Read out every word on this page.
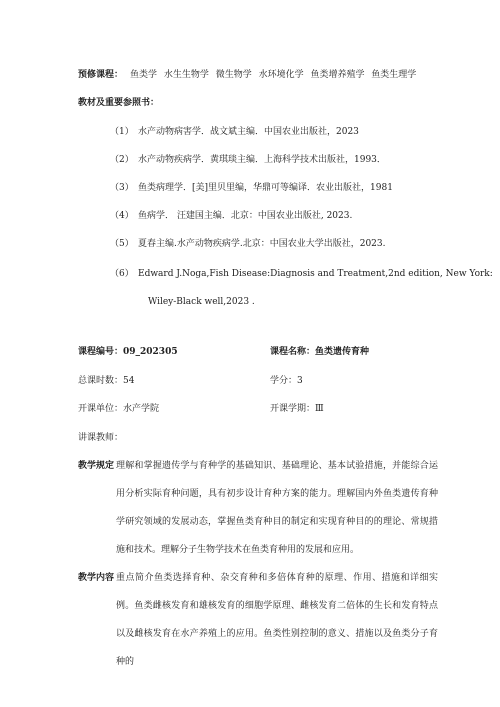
预修课程： 鱼类学 水生生物学 微生物学 水环境化学 鱼类增养殖学 鱼类生理学
教材及重要参照书：
（1） 水产动物病害学．战文斌主编．中国农业出版社，2023
（2） 水产动物疾病学．黄琪琰主编．上海科学技术出版社，1993．
（3） 鱼类病理学．[美]里贝里编，华鼎可等编译．农业出版社，1981
（4） 鱼病学． 汪建国主编．北京：中国农业出版社, 2023.
（5） 夏春主编.水产动物疾病学.北京：中国农业大学出版社，2023.
（6） Edward J.Noga,Fish Disease:Diagnosis and Treatment,2nd edition, New York:
Wiley-Black well,2023 .
课程编号：09_202305	课程名称：鱼类遗传育种
总课时数：54	学分：3
开课单位：水产学院	开课学期：Ⅲ
讲课教师：
教学规定 理解和掌握遗传学与育种学的基础知识、基础理论、基本试验措施，并能综合运用分析实际育种问题，具有初步设计育种方案的能力。理解国内外鱼类遗传育种学研究领域的发展动态，掌握鱼类育种目的制定和实现育种目的的理论、常规措施和技术。理解分子生物学技术在鱼类育种用的发展和应用。
教学内容 重点简介鱼类选择育种、杂交育种和多倍体育种的原理、作用、措施和详细实例。鱼类雌核发育和雄核发育的细胞学原理、雌核发育二倍体的生长和发育特点以及雌核发育在水产养殖上的应用。鱼类性别控制的意义、措施以及鱼类分子育种的
